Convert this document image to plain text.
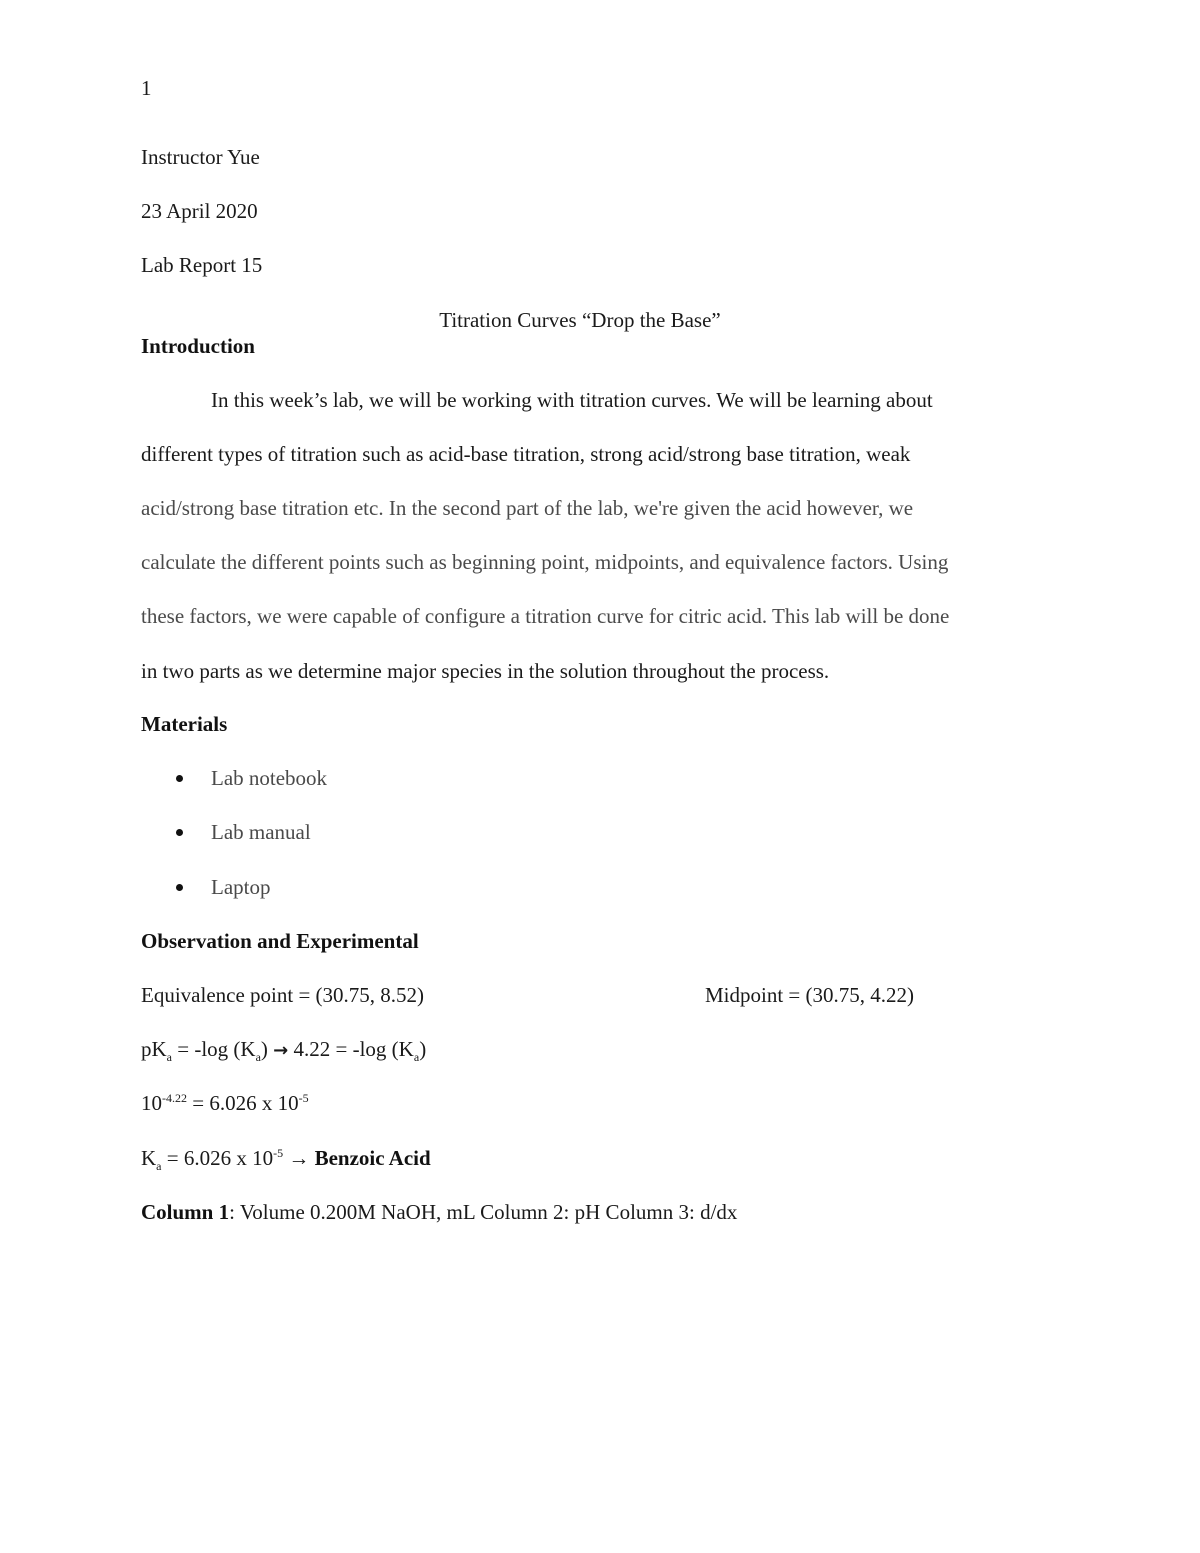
1
Instructor Yue
23 April 2020
Lab Report 15
Titration Curves “Drop the Base”
Introduction
In this week’s lab, we will be working with titration curves. We will be learning about
different types of titration such as acid-base titration, strong acid/strong base titration, weak
acid/strong base titration etc. In the second part of the lab, we're given the acid however, we
calculate the different points such as beginning point, midpoints, and equivalence factors. Using
these factors, we were capable of configure a titration curve for citric acid. This lab will be done
in two parts as we determine major species in the solution throughout the process.
Materials
Lab notebook
Lab manual
Laptop
Observation and Experimental
Equivalence point = (30.75, 8.52)	Midpoint = (30.75, 4.22)
$pK_a = -\log$ $(K_a) \to 4.22 = -\log$ $(K_a)$
$10^{-4.22} = 6.026$ x $10^{-5}$
$K_a = 6.026$ x $10^{-5}$ → Benzoic Acid
Column 1: Volume 0.200M NaOH, mL Column 2: pH Column 3: d/dx
